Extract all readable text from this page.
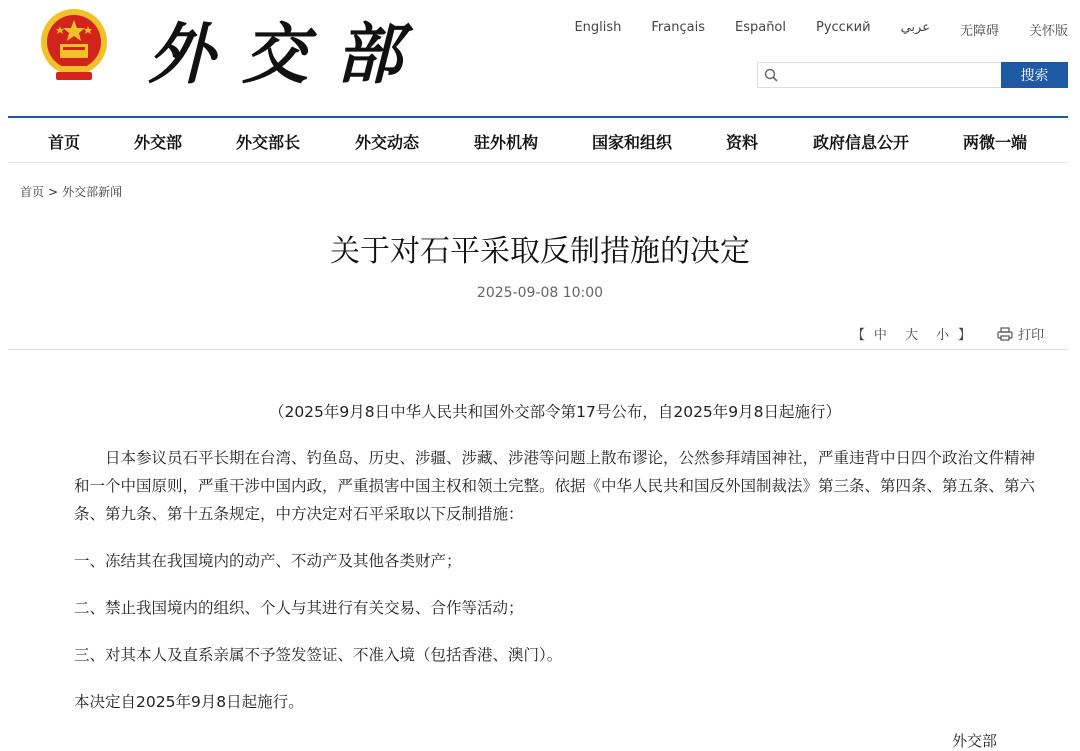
外交部	English Français Español Русский عربي 无障碍 关怀版
搜索
首页	外交部	外交部长	外交动态	驻外机构	国家和组织	资料	政府信息公开	两微一端
首页 > 外交部新闻
关于对石平采取反制措施的决定
2025-09-08 10:00
【 中 大 小 】	打印

（2025年9月8日中华人民共和国外交部令第17号公布，自2025年9月8日起施行）

日本参议员石平长期在台湾、钓鱼岛、历史、涉疆、涉藏、涉港等问题上散布谬论，公然参拜靖国神社，严重违背中日四个政治文件精神和一个中国原则，严重干涉中国内政，严重损害中国主权和领土完整。依据《中华人民共和国反外国制裁法》第三条、第四条、第五条、第六条、第九条、第十五条规定，中方决定对石平采取以下反制措施：

一、冻结其在我国境内的动产、不动产及其他各类财产；

二、禁止我国境内的组织、个人与其进行有关交易、合作等活动；

三、对其本人及直系亲属不予签发签证、不准入境（包括香港、澳门）。

本决定自2025年9月8日起施行。

外交部
